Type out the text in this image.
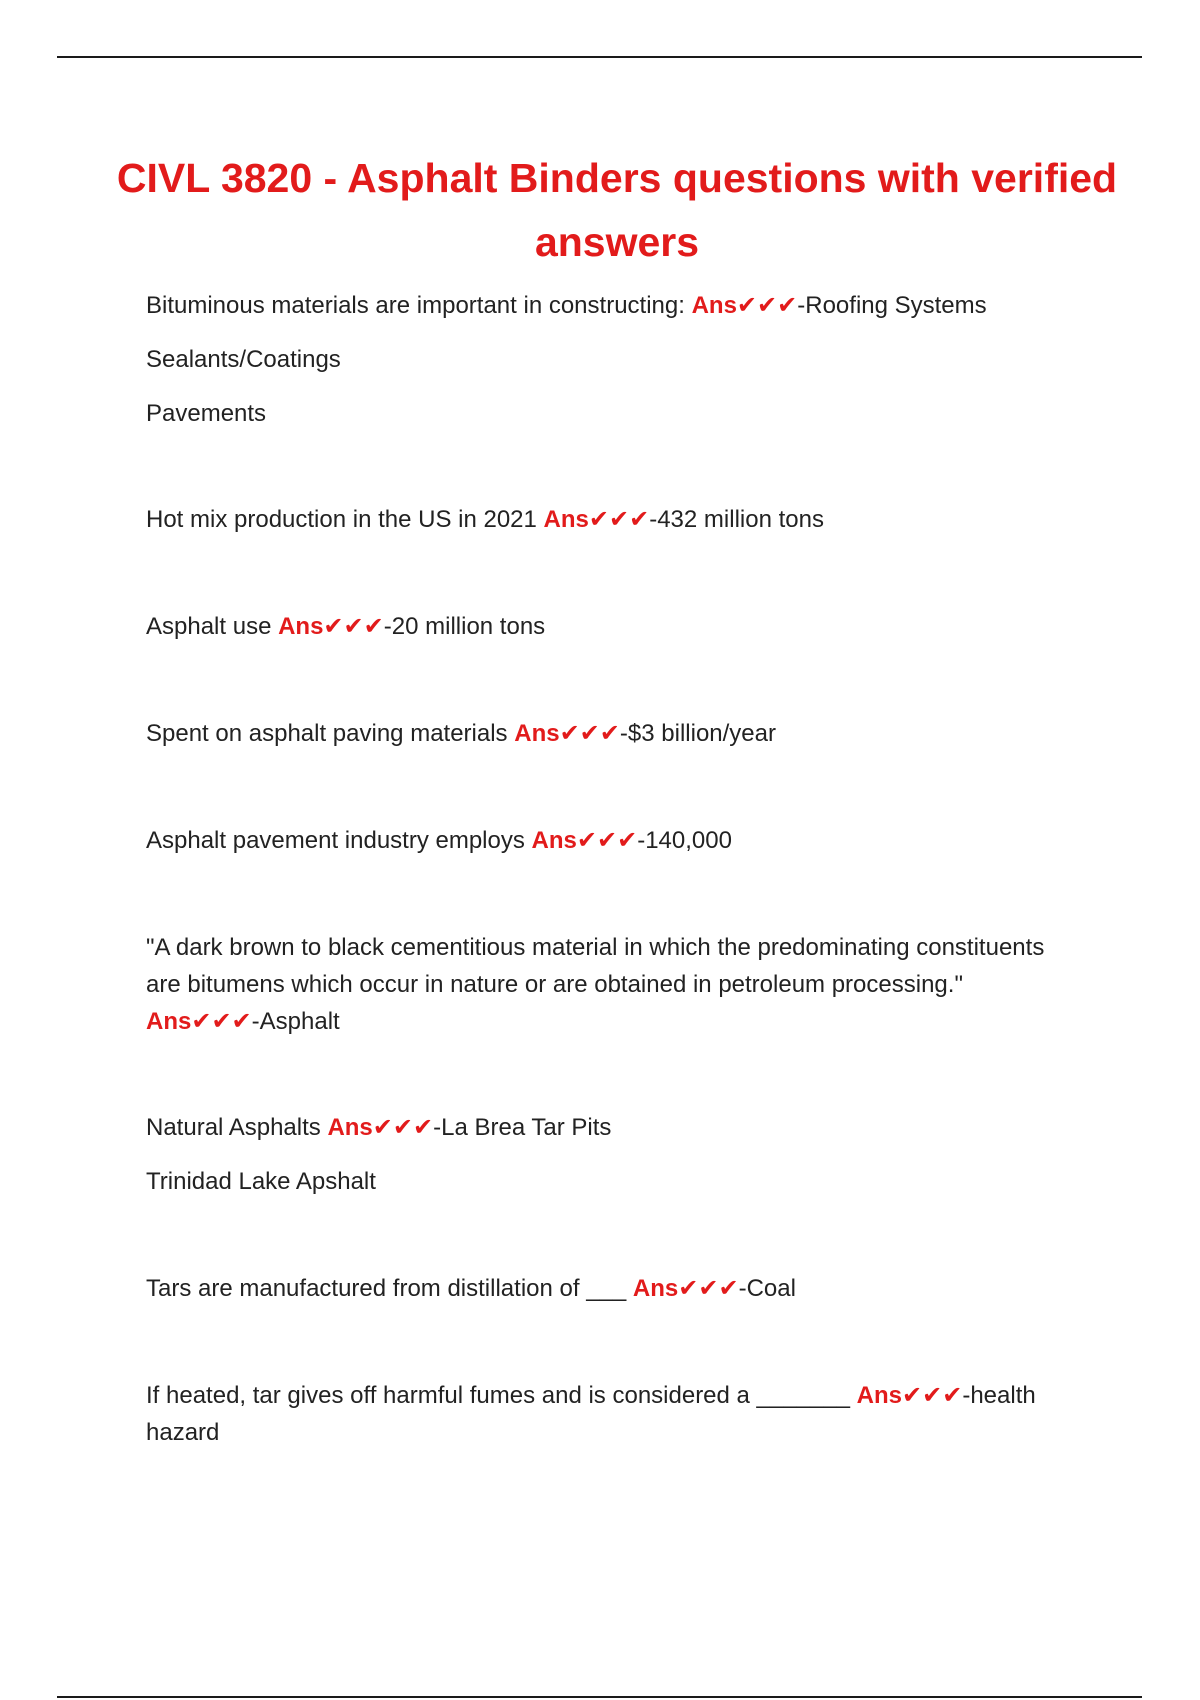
CIVL 3820 - Asphalt Binders questions with verified answers

Bituminous materials are important in constructing: Ans✔✔✔-Roofing Systems

Sealants/Coatings

Pavements

Hot mix production in the US in 2021 Ans✔✔✔-432 million tons

Asphalt use Ans✔✔✔-20 million tons

Spent on asphalt paving materials Ans✔✔✔-$3 billion/year

Asphalt pavement industry employs Ans✔✔✔-140,000

"A dark brown to black cementitious material in which the predominating constituents are bitumens which occur in nature or are obtained in petroleum processing." Ans✔✔✔-Asphalt

Natural Asphalts Ans✔✔✔-La Brea Tar Pits

Trinidad Lake Apshalt

Tars are manufactured from distillation of ___ Ans✔✔✔-Coal

If heated, tar gives off harmful fumes and is considered a _______ Ans✔✔✔-health hazard
